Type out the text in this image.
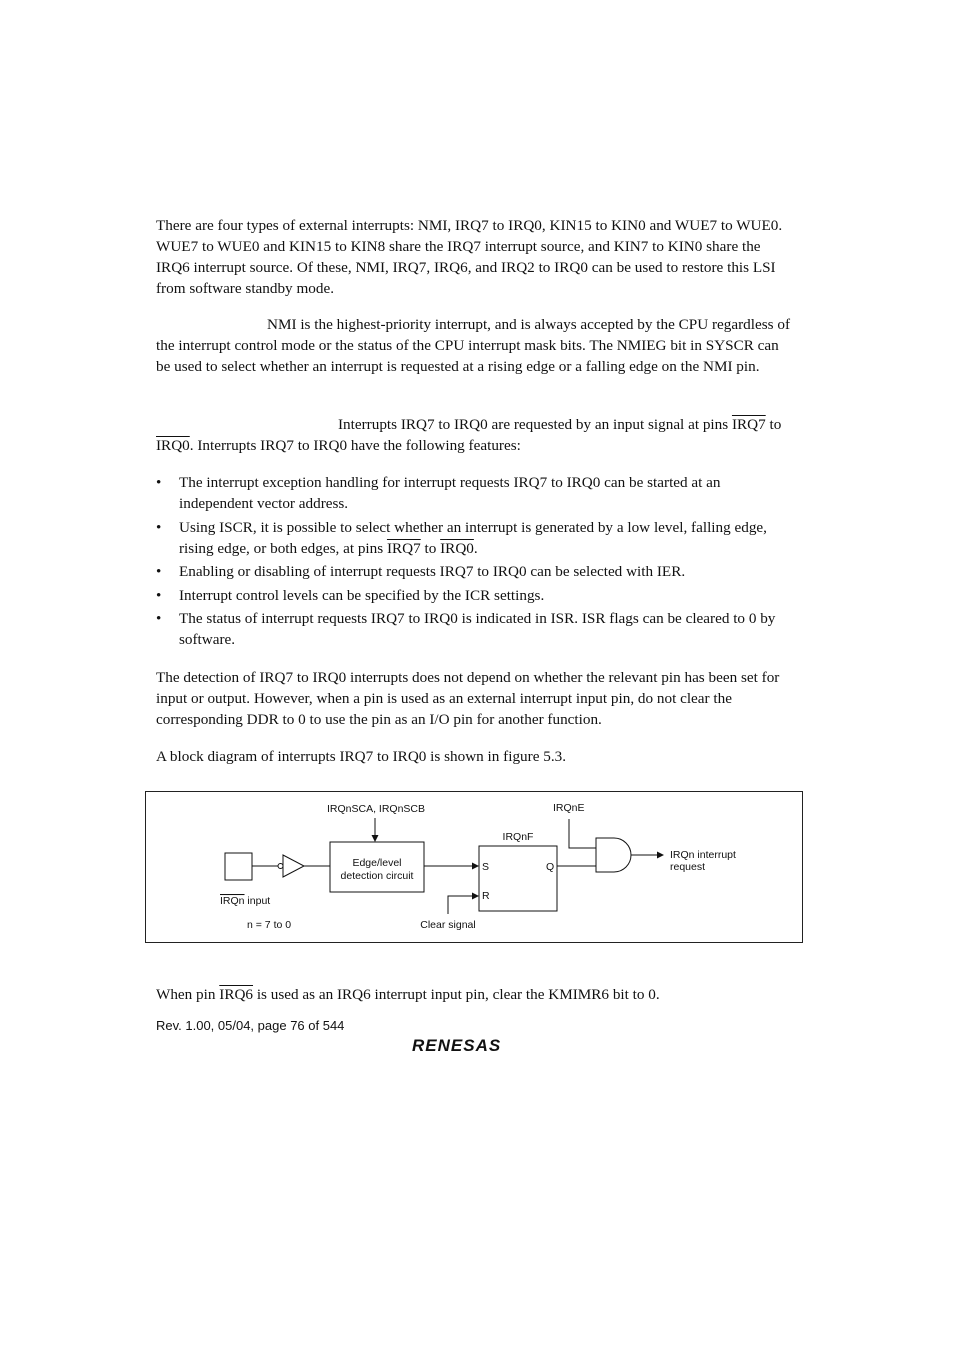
There are four types of external interrupts: NMI, IRQ7 to IRQ0, KIN15 to KIN0 and WUE7 to WUE0. WUE7 to WUE0 and KIN15 to KIN8 share the IRQ7 interrupt source, and KIN7 to KIN0 share the IRQ6 interrupt source. Of these, NMI, IRQ7, IRQ6, and IRQ2 to IRQ0 can be used to restore this LSI from software standby mode.

NMI is the highest-priority interrupt, and is always accepted by the CPU regardless of the interrupt control mode or the status of the CPU interrupt mask bits. The NMIEG bit in SYSCR can be used to select whether an interrupt is requested at a rising edge or a falling edge on the NMI pin.

Interrupts IRQ7 to IRQ0 are requested by an input signal at pins IRQ7 to IRQ0. Interrupts IRQ7 to IRQ0 have the following features:

• The interrupt exception handling for interrupt requests IRQ7 to IRQ0 can be started at an independent vector address.
• Using ISCR, it is possible to select whether an interrupt is generated by a low level, falling edge, rising edge, or both edges, at pins IRQ7 to IRQ0.
• Enabling or disabling of interrupt requests IRQ7 to IRQ0 can be selected with IER.
• Interrupt control levels can be specified by the ICR settings.
• The status of interrupt requests IRQ7 to IRQ0 is indicated in ISR. ISR flags can be cleared to 0 by software.

The detection of IRQ7 to IRQ0 interrupts does not depend on whether the relevant pin has been set for input or output. However, when a pin is used as an external interrupt input pin, do not clear the corresponding DDR to 0 to use the pin as an I/O pin for another function.

A block diagram of interrupts IRQ7 to IRQ0 is shown in figure 5.3.

Edge/level
detection circuit
IRQnSCA, IRQnSCB
IRQnF
S	Q
R
Clear signal
IRQnE
IRQn interrupt
request
IRQn input
n = 7 to 0

When pin IRQ6 is used as an IRQ6 interrupt input pin, clear the KMIMR6 bit to 0.

Rev. 1.00, 05/04, page 76 of 544
RENESAS
